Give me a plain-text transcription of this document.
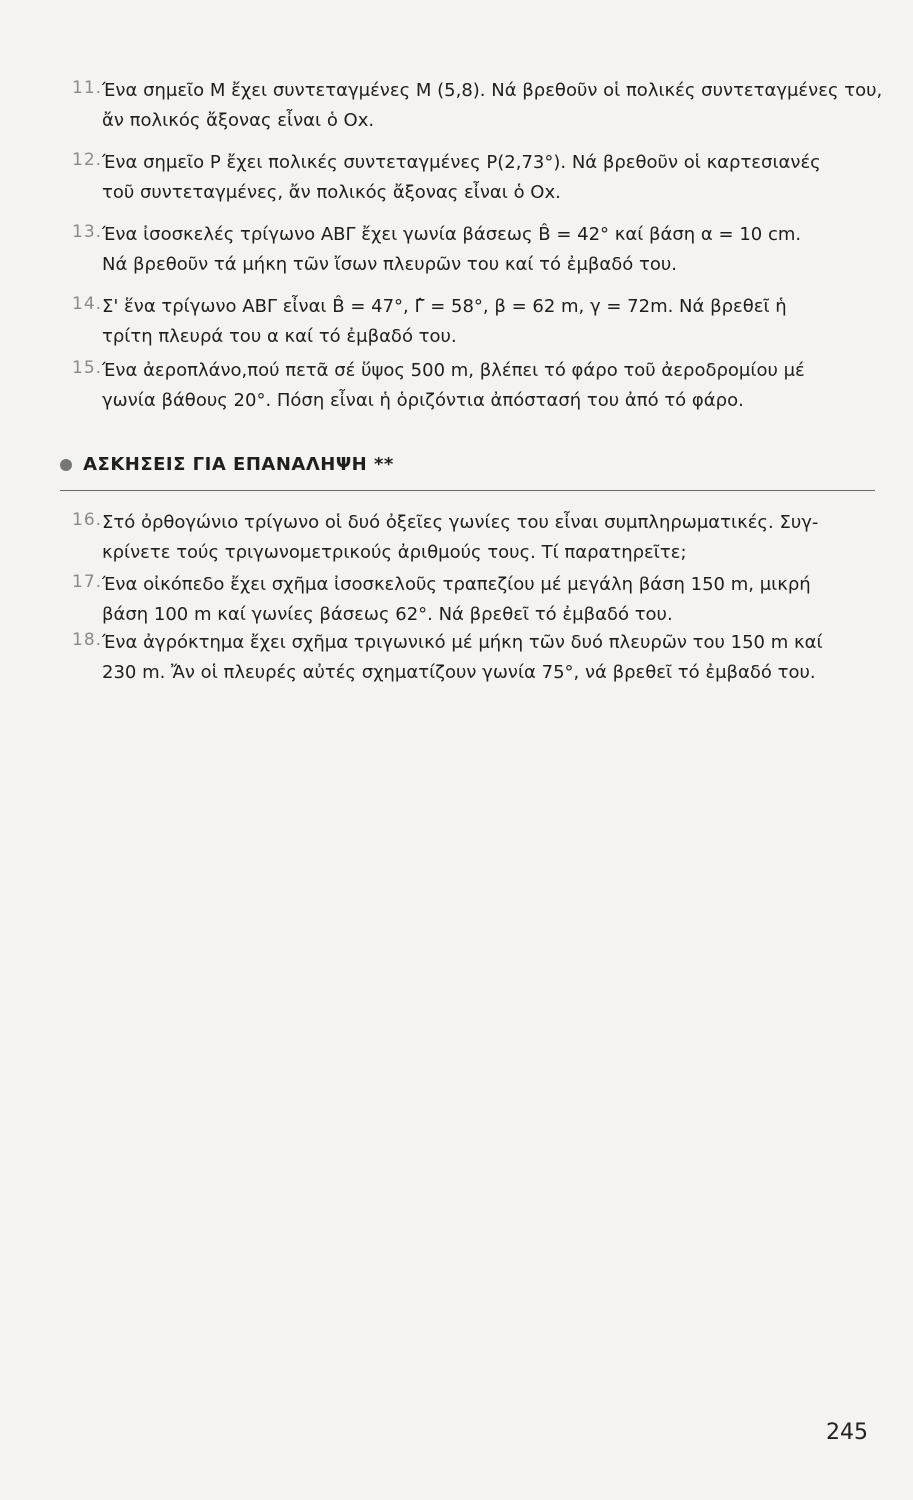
11. Ένα σημεῖο Μ ἔχει συντεταγμένες Μ (5,8). Νά βρεθοῦν οἱ πολικές συντεταγμένες του,
ἄν πολικός ἄξονας εἶναι ὁ Οx.
12. Ένα σημεῖο P ἔχει πολικές συντεταγμένες P(2,73°). Νά βρεθοῦν οἱ καρτεσιανές
τοῦ συντεταγμένες, ἄν πολικός ἄξονας εἶναι ὁ Οx.
13. Ένα ἰσοσκελές τρίγωνο ΑΒΓ ἔχει γωνία βάσεως B̂ = 42° καί βάση α = 10 cm.
Νά βρεθοῦν τά μήκη τῶν ἴσων πλευρῶν του καί τό ἐμβαδό του.
14. Σ' ἕνα τρίγωνο ΑΒΓ εἶναι B̂ = 47°, Γ̂ = 58°, β = 62 m, γ = 72m. Νά βρεθεῖ ἡ
τρίτη πλευρά του α καί τό ἐμβαδό του.
15. Ένα ἀεροπλάνο,πού πετᾶ σέ ὕψος 500 m, βλέπει τό φάρο τοῦ ἀεροδρομίου μέ
γωνία βάθους 20°. Πόση εἶναι ἡ ὁριζόντια ἀπόστασή του ἀπό τό φάρο.
ΑΣΚΗΣΕΙΣ ΓΙΑ ΕΠΑΝΑΛΗΨΗ **
16. Στό ὀρθογώνιο τρίγωνο οἱ δυό ὀξεῖες γωνίες του εἶναι συμπληρωματικές. Συγ-
κρίνετε τούς τριγωνομετρικούς ἀριθμούς τους. Τί παρατηρεῖτε;
17. Ένα οἰκόπεδο ἔχει σχῆμα ἰσοσκελοῦς τραπεζίου μέ μεγάλη βάση 150 m, μικρή
βάση 100 m καί γωνίες βάσεως 62°. Νά βρεθεῖ τό ἐμβαδό του.
18. Ένα ἀγρόκτημα ἔχει σχῆμα τριγωνικό μέ μήκη τῶν δυό πλευρῶν του 150 m καί
230 m. Ἄν οἱ πλευρές αὐτές σχηματίζουν γωνία 75°, νά βρεθεῖ τό ἐμβαδό του.
245
